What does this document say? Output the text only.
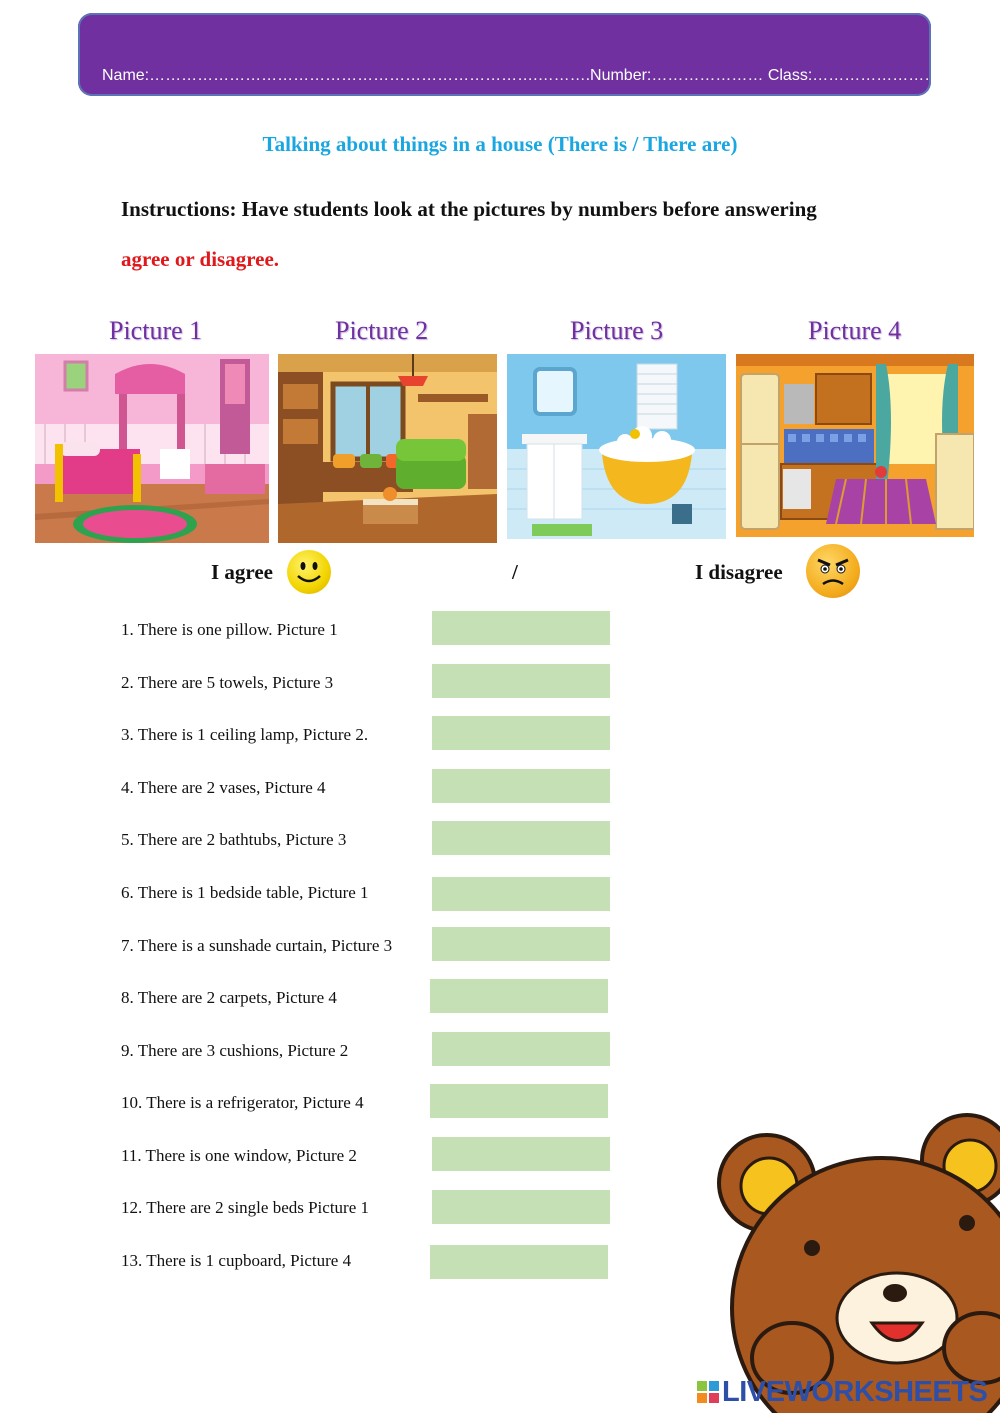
Name:……………………………………………………………….……….Number:………………… Class:…………………………
Talking about things in a house (There is / There are)
Instructions: Have students look at the pictures by numbers before answering
agree or disagree.
Picture 1	Picture 2	Picture 3	Picture 4
I agree	/	I disagree
1. There is one pillow. Picture 1
2. There are 5 towels, Picture 3
3. There is 1 ceiling lamp, Picture 2.
4. There are 2 vases, Picture 4
5. There are 2 bathtubs, Picture 3
6. There is 1 bedside table, Picture 1
7. There is a sunshade curtain, Picture 3
8. There are 2 carpets, Picture 4
9. There are 3 cushions, Picture 2
10. There is a refrigerator, Picture 4
11. There is one window, Picture 2
12. There are 2 single beds Picture 1
13. There is 1 cupboard, Picture 4
LIVEWORKSHEETS
